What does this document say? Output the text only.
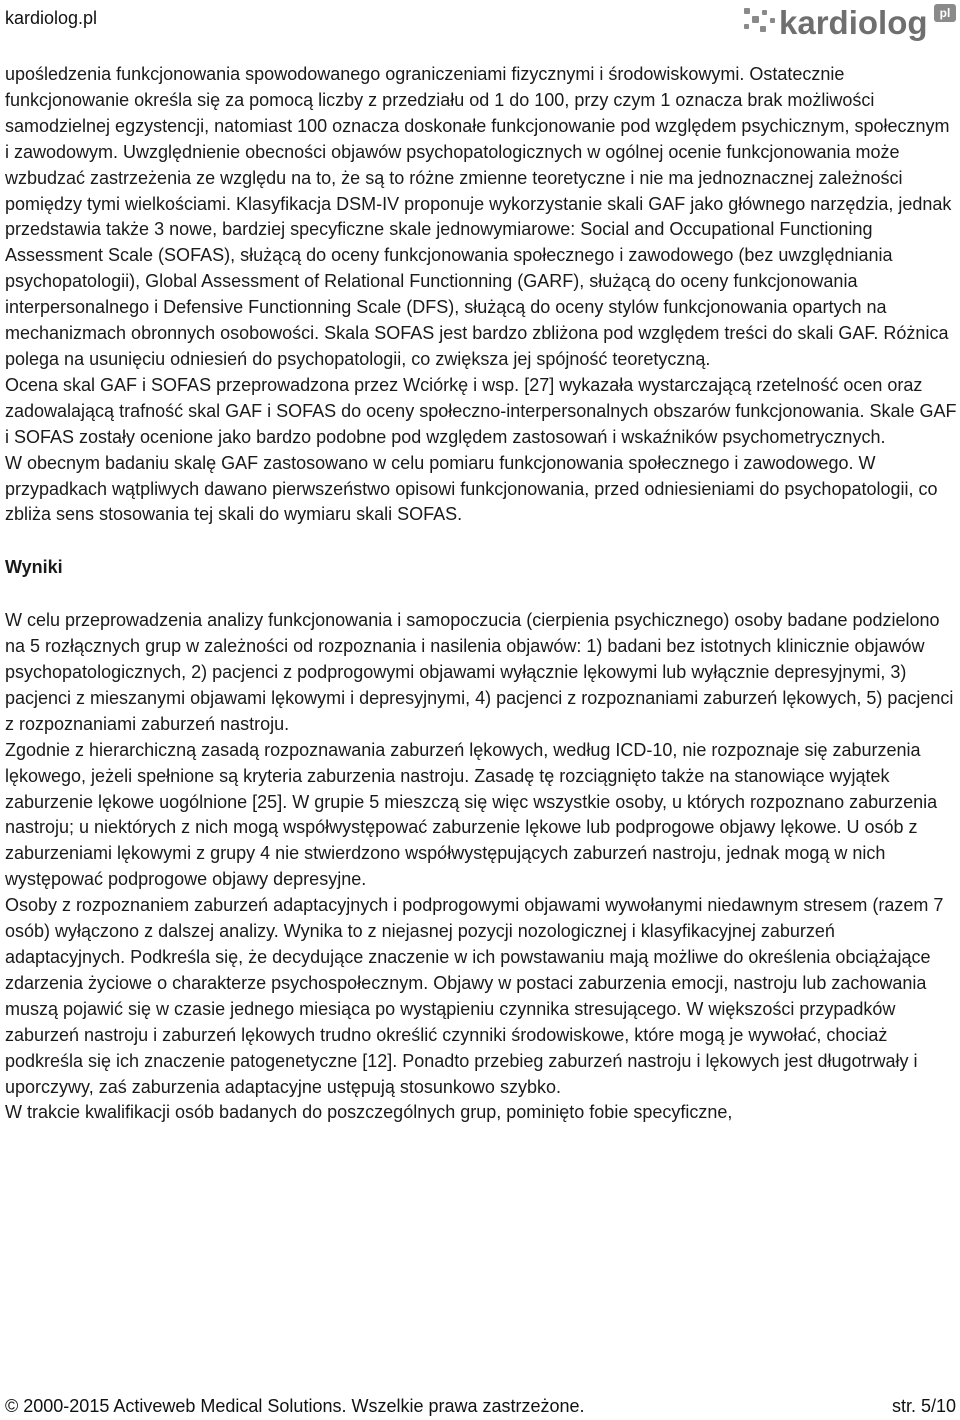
kardiolog.pl	kardiolog pl

upośledzenia funkcjonowania spowodowanego ograniczeniami fizycznymi i środowiskowymi. Ostatecznie funkcjonowanie określa się za pomocą liczby z przedziału od 1 do 100, przy czym 1 oznacza brak możliwości samodzielnej egzystencji, natomiast 100 oznacza doskonałe funkcjonowanie pod względem psychicznym, społecznym i zawodowym. Uwzględnienie obecności objawów psychopatologicznych w ogólnej ocenie funkcjonowania może wzbudzać zastrzeżenia ze względu na to, że są to różne zmienne teoretyczne i nie ma jednoznacznej zależności pomiędzy tymi wielkościami. Klasyfikacja DSM-IV proponuje wykorzystanie skali GAF jako głównego narzędzia, jednak przedstawia także 3 nowe, bardziej specyficzne skale jednowymiarowe: Social and Occupational Functioning Assessment Scale (SOFAS), służącą do oceny funkcjonowania społecznego i zawodowego (bez uwzględniania psychopatologii), Global Assessment of Relational Functionning (GARF), służącą do oceny funkcjonowania interpersonalnego i Defensive Functionning Scale (DFS), służącą do oceny stylów funkcjonowania opartych na mechanizmach obronnych osobowości. Skala SOFAS jest bardzo zbliżona pod względem treści do skali GAF. Różnica polega na usunięciu odniesień do psychopatologii, co zwiększa jej spójność teoretyczną.

Ocena skal GAF i SOFAS przeprowadzona przez Wciórkę i wsp. [27] wykazała wystarczającą rzetelność ocen oraz zadowalającą trafność skal GAF i SOFAS do oceny społeczno-interpersonalnych obszarów funkcjonowania. Skale GAF i SOFAS zostały ocenione jako bardzo podobne pod względem zastosowań i wskaźników psychometrycznych.

W obecnym badaniu skalę GAF zastosowano w celu pomiaru funkcjonowania społecznego i zawodowego. W przypadkach wątpliwych dawano pierwszeństwo opisowi funkcjonowania, przed odniesieniami do psychopatologii, co zbliża sens stosowania tej skali do wymiaru skali SOFAS.

Wyniki

W celu przeprowadzenia analizy funkcjonowania i samopoczucia (cierpienia psychicznego) osoby badane podzielono na 5 rozłącznych grup w zależności od rozpoznania i nasilenia objawów: 1) badani bez istotnych klinicznie objawów psychopatologicznych, 2) pacjenci z podprogowymi objawami wyłącznie lękowymi lub wyłącznie depresyjnymi, 3) pacjenci z mieszanymi objawami lękowymi i depresyjnymi, 4) pacjenci z rozpoznaniami zaburzeń lękowych, 5) pacjenci z rozpoznaniami zaburzeń nastroju.

Zgodnie z hierarchiczną zasadą rozpoznawania zaburzeń lękowych, według ICD-10, nie rozpoznaje się zaburzenia lękowego, jeżeli spełnione są kryteria zaburzenia nastroju. Zasadę tę rozciągnięto także na stanowiące wyjątek zaburzenie lękowe uogólnione [25]. W grupie 5 mieszczą się więc wszystkie osoby, u których rozpoznano zaburzenia nastroju; u niektórych z nich mogą współwystępować zaburzenie lękowe lub podprogowe objawy lękowe. U osób z zaburzeniami lękowymi z grupy 4 nie stwierdzono współwystępujących zaburzeń nastroju, jednak mogą w nich występować podprogowe objawy depresyjne.

Osoby z rozpoznaniem zaburzeń adaptacyjnych i podprogowymi objawami wywołanymi niedawnym stresem (razem 7 osób) wyłączono z dalszej analizy. Wynika to z niejasnej pozycji nozologicznej i klasyfikacyjnej zaburzeń adaptacyjnych. Podkreśla się, że decydujące znaczenie w ich powstawaniu mają możliwe do określenia obciążające zdarzenia życiowe o charakterze psychospołecznym. Objawy w postaci zaburzenia emocji, nastroju lub zachowania muszą pojawić się w czasie jednego miesiąca po wystąpieniu czynnika stresującego. W większości przypadków zaburzeń nastroju i zaburzeń lękowych trudno określić czynniki środowiskowe, które mogą je wywołać, chociaż podkreśla się ich znaczenie patogenetyczne [12]. Ponadto przebieg zaburzeń nastroju i lękowych jest długotrwały i uporczywy, zaś zaburzenia adaptacyjne ustępują stosunkowo szybko.

W trakcie kwalifikacji osób badanych do poszczególnych grup, pominięto fobie specyficzne,

© 2000-2015 Activeweb Medical Solutions. Wszelkie prawa zastrzeżone.	str. 5/10
